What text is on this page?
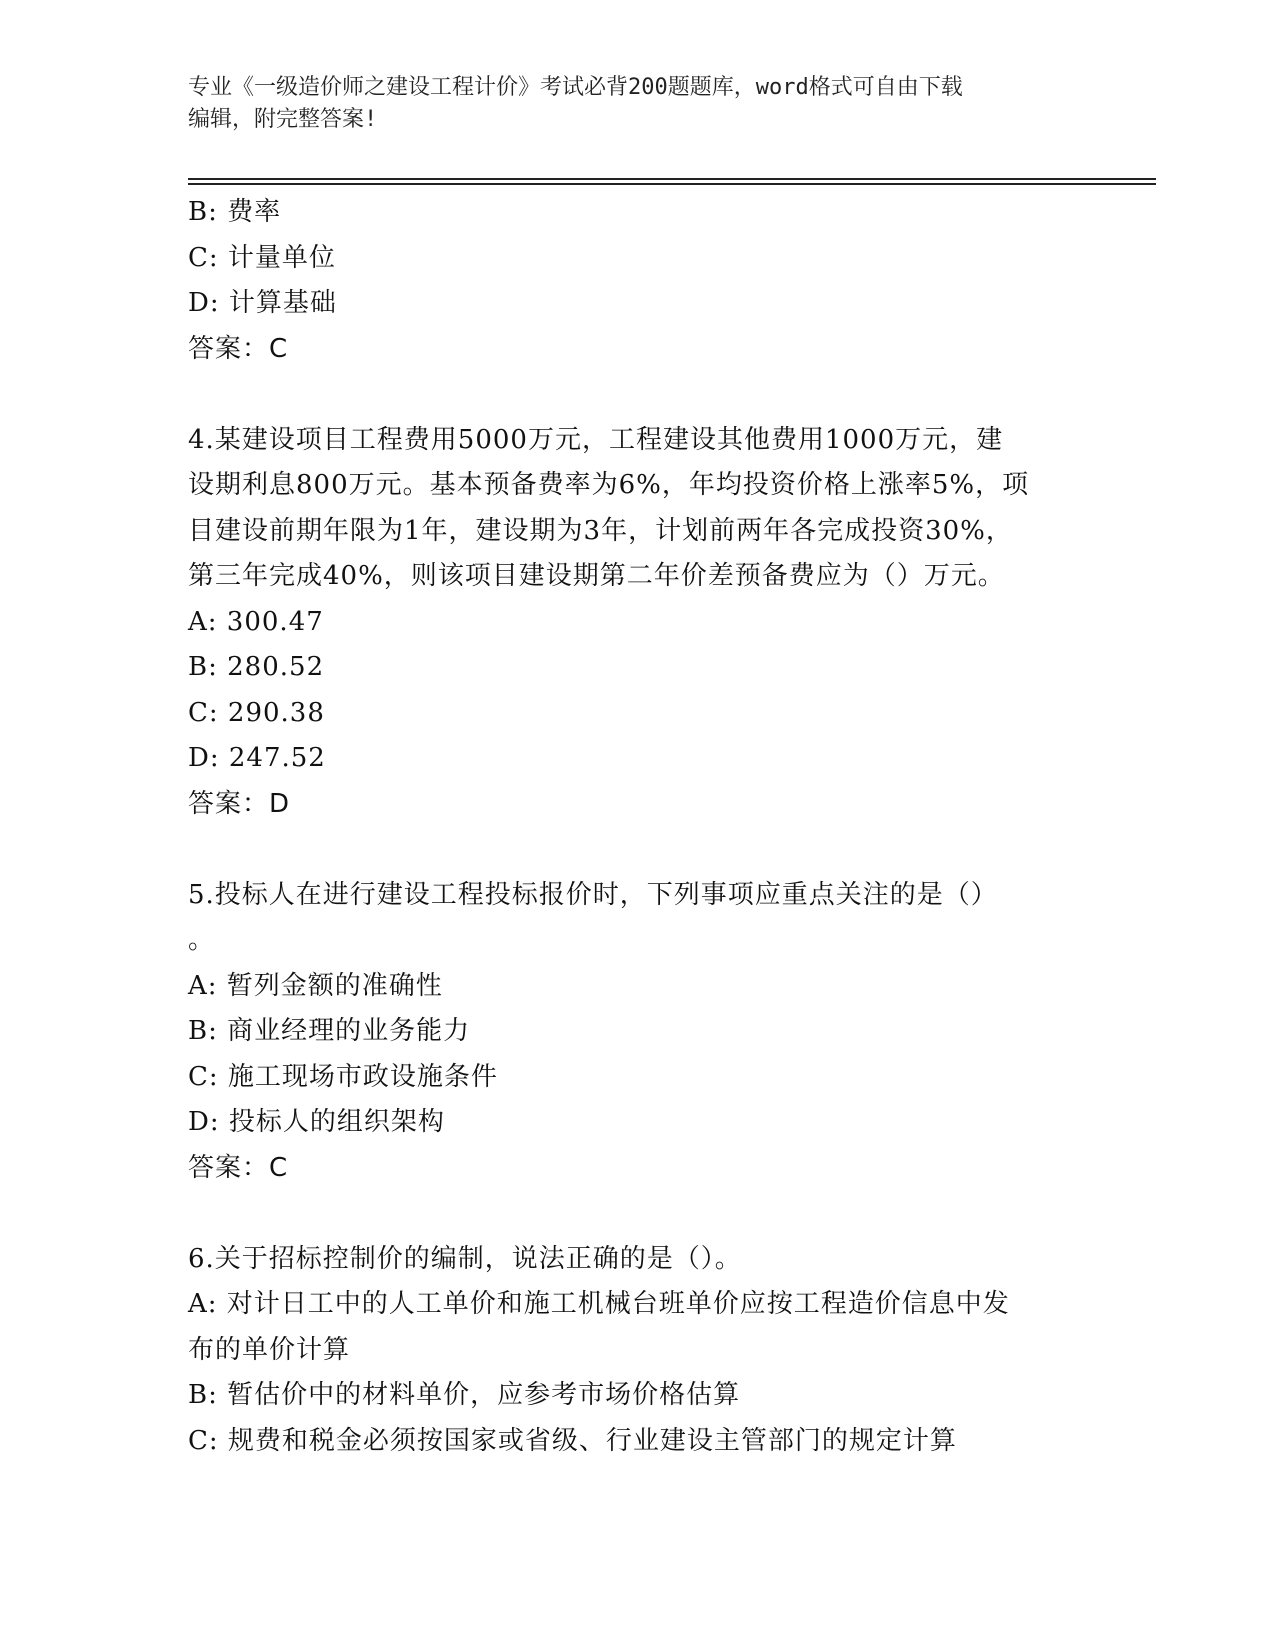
专业《一级造价师之建设工程计价》考试必背200题题库，word格式可自由下载
编辑，附完整答案!
B: 费率
C: 计量单位
D: 计算基础
答案：C
4.某建设项目工程费用5000万元，工程建设其他费用1000万元，建
设期利息800万元。基本预备费率为6%，年均投资价格上涨率5%，项
目建设前期年限为1年，建设期为3年，计划前两年各完成投资30%，
第三年完成40%，则该项目建设期第二年价差预备费应为（）万元。
A: 300.47
B: 280.52
C: 290.38
D: 247.52
答案：D
5.投标人在进行建设工程投标报价时，下列事项应重点关注的是（）
。
A: 暂列金额的准确性
B: 商业经理的业务能力
C: 施工现场市政设施条件
D: 投标人的组织架构
答案：C
6.关于招标控制价的编制，说法正确的是（）。
A: 对计日工中的人工单价和施工机械台班单价应按工程造价信息中发
布的单价计算
B: 暂估价中的材料单价，应参考市场价格估算
C: 规费和税金必须按国家或省级、行业建设主管部门的规定计算
